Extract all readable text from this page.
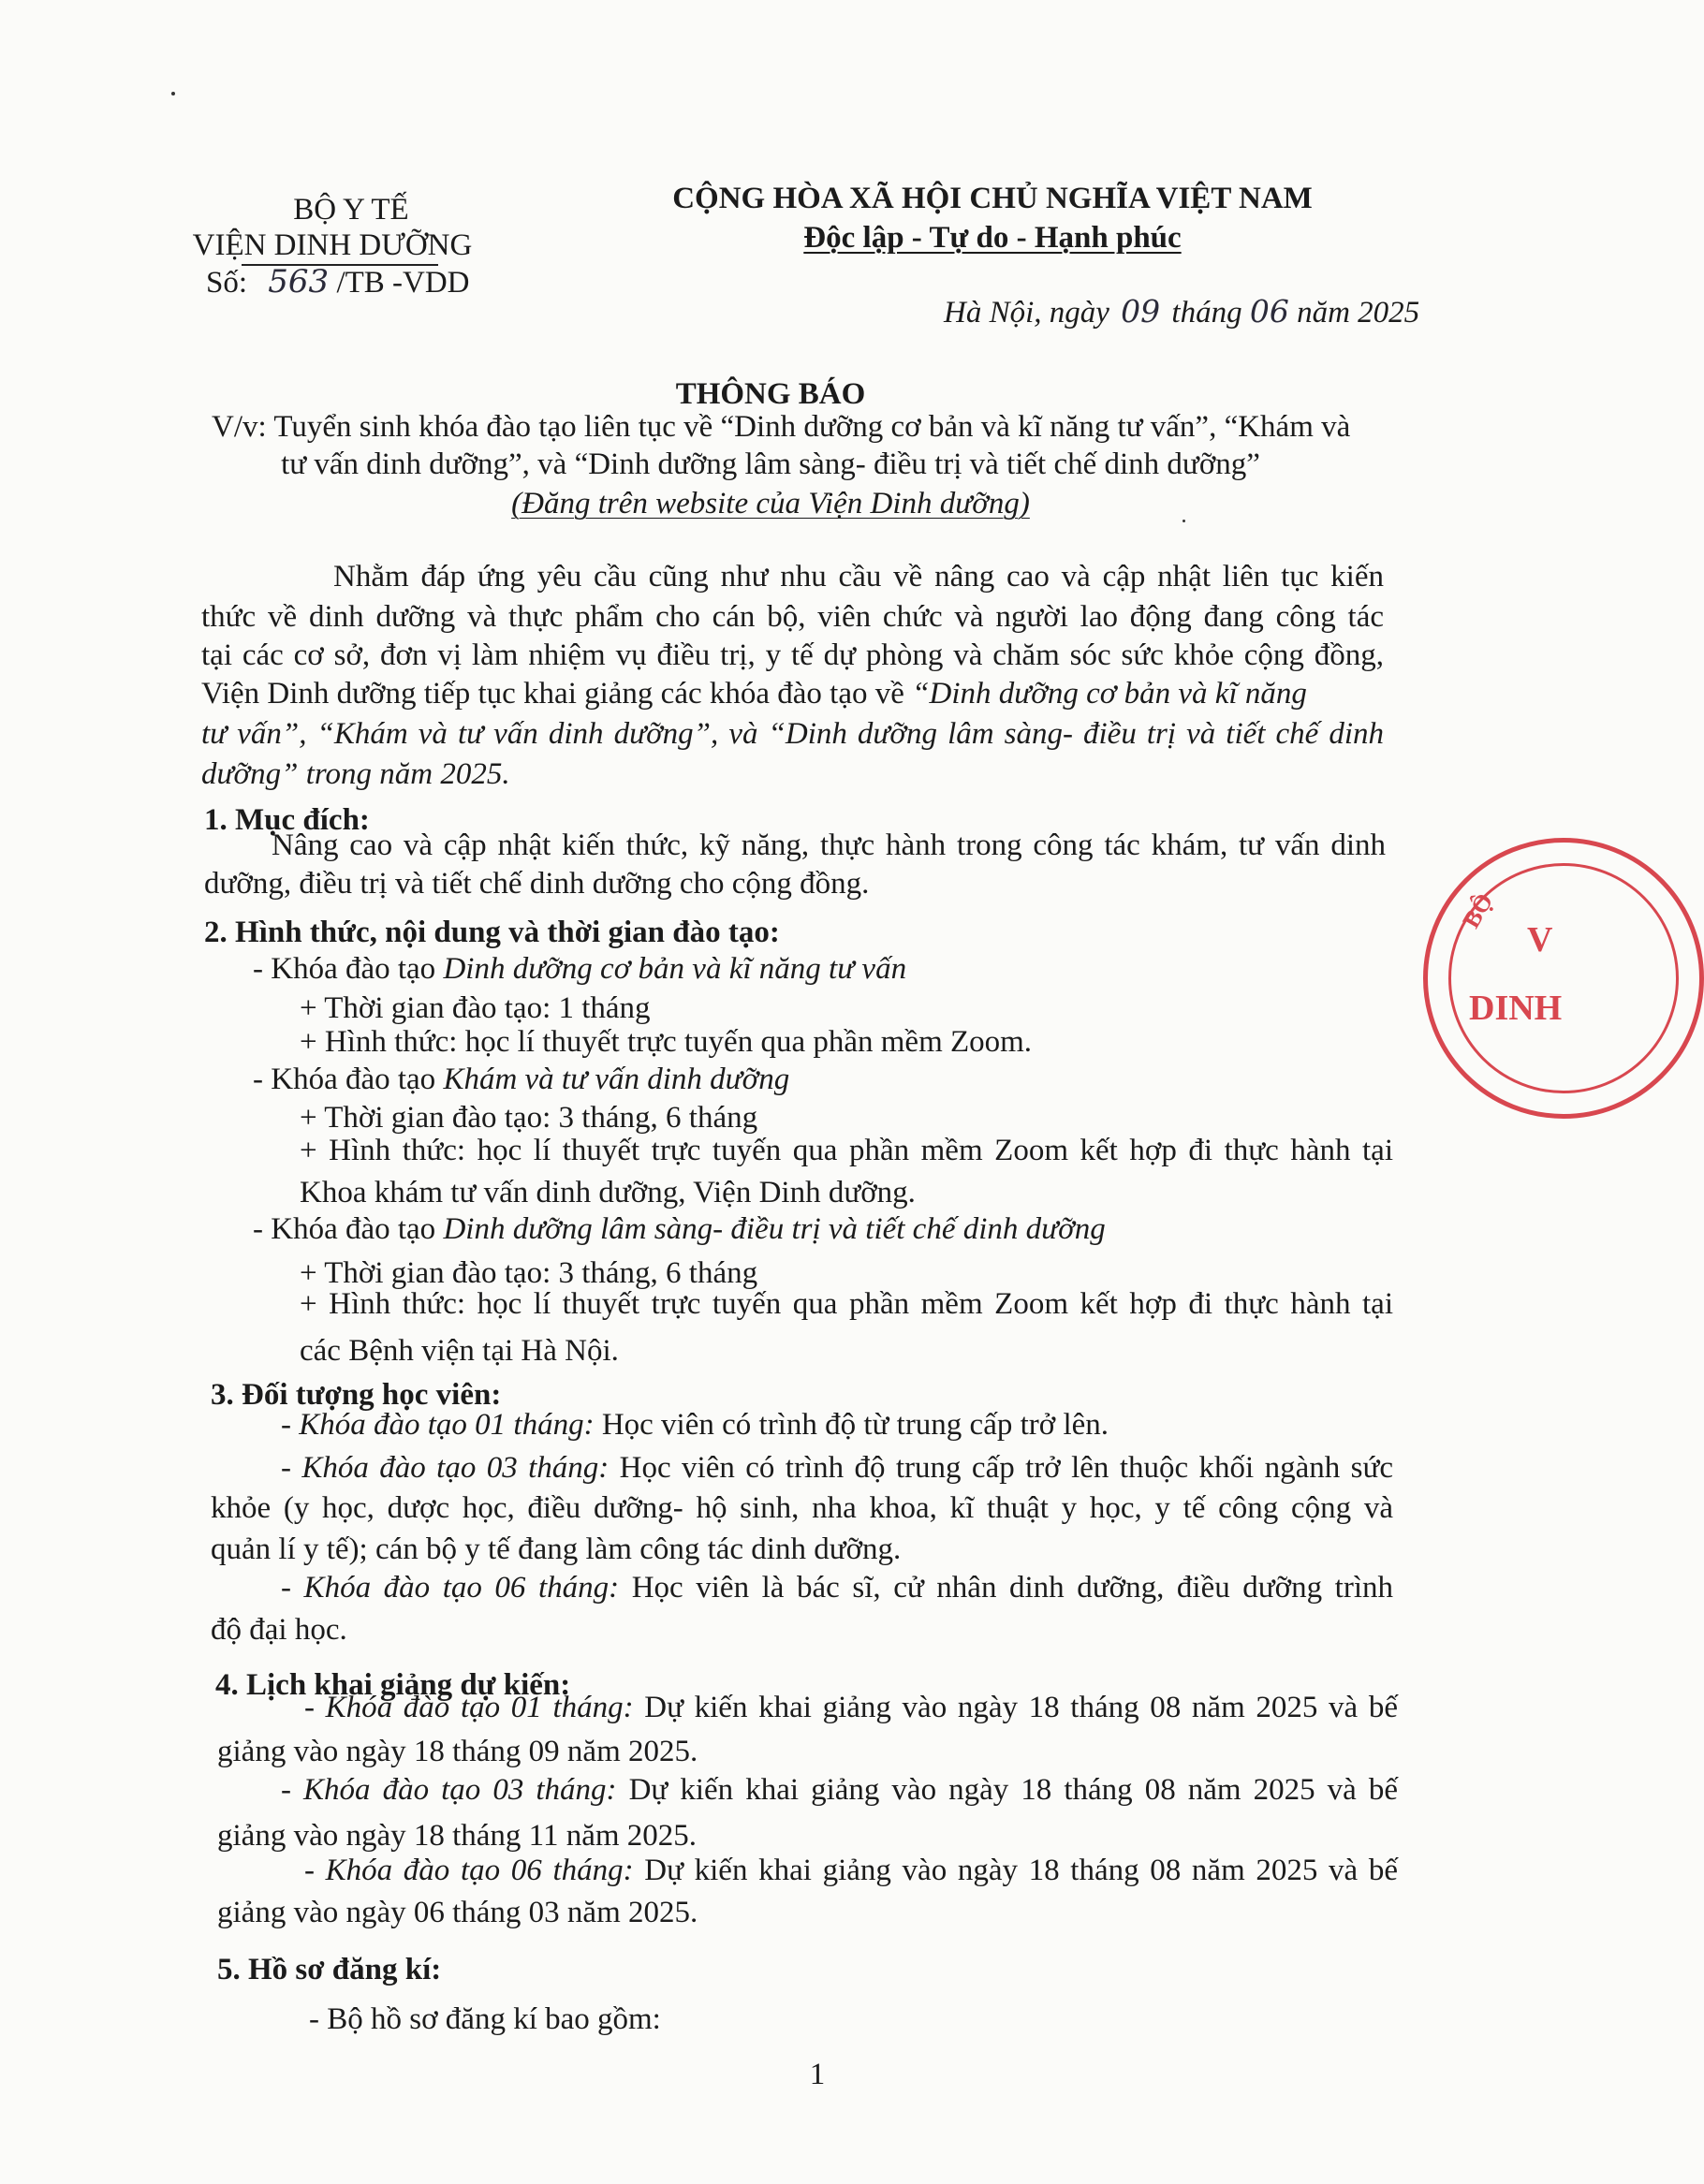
BỘ Y TẾ
VIỆN DINH DƯỠNG
Số: 563 /TB -VDD
CỘNG HÒA XÃ HỘI CHỦ NGHĨA VIỆT NAM
Độc lập - Tự do - Hạnh phúc
Hà Nội, ngày 09 tháng 06 năm 2025
THÔNG BÁO
V/v: Tuyển sinh khóa đào tạo liên tục về “Dinh dưỡng cơ bản và kĩ năng tư vấn”, “Khám và
tư vấn dinh dưỡng”, và “Dinh dưỡng lâm sàng- điều trị và tiết chế dinh dưỡng”
(Đăng trên website của Viện Dinh dưỡng)
Nhằm đáp ứng yêu cầu cũng như nhu cầu về nâng cao và cập nhật liên tục kiến
thức về dinh dưỡng và thực phẩm cho cán bộ, viên chức và người lao động đang công tác
tại các cơ sở, đơn vị làm nhiệm vụ điều trị, y tế dự phòng và chăm sóc sức khỏe cộng đồng,
Viện Dinh dưỡng tiếp tục khai giảng các khóa đào tạo về “Dinh dưỡng cơ bản và kĩ năng
tư vấn”, “Khám và tư vấn dinh dưỡng”, và “Dinh dưỡng lâm sàng- điều trị và tiết chế dinh
dưỡng” trong năm 2025.
1. Mục đích:
Nâng cao và cập nhật kiến thức, kỹ năng, thực hành trong công tác khám, tư vấn dinh
dưỡng, điều trị và tiết chế dinh dưỡng cho cộng đồng.
2. Hình thức, nội dung và thời gian đào tạo:
- Khóa đào tạo Dinh dưỡng cơ bản và kĩ năng tư vấn
+ Thời gian đào tạo: 1 tháng
+ Hình thức: học lí thuyết trực tuyến qua phần mềm Zoom.
- Khóa đào tạo Khám và tư vấn dinh dưỡng
+ Thời gian đào tạo: 3 tháng, 6 tháng
+ Hình thức: học lí thuyết trực tuyến qua phần mềm Zoom kết hợp đi thực hành tại
Khoa khám tư vấn dinh dưỡng, Viện Dinh dưỡng.
- Khóa đào tạo Dinh dưỡng lâm sàng- điều trị và tiết chế dinh dưỡng
+ Thời gian đào tạo: 3 tháng, 6 tháng
+ Hình thức: học lí thuyết trực tuyến qua phần mềm Zoom kết hợp đi thực hành tại
các Bệnh viện tại Hà Nội.
3. Đối tượng học viên:
- Khóa đào tạo 01 tháng: Học viên có trình độ từ trung cấp trở lên.
- Khóa đào tạo 03 tháng: Học viên có trình độ trung cấp trở lên thuộc khối ngành sức
khỏe (y học, dược học, điều dưỡng- hộ sinh, nha khoa, kĩ thuật y học, y tế công cộng và
quản lí y tế); cán bộ y tế đang làm công tác dinh dưỡng.
- Khóa đào tạo 06 tháng: Học viên là bác sĩ, cử nhân dinh dưỡng, điều dưỡng trình
độ đại học.
4. Lịch khai giảng dự kiến:
- Khóa đào tạo 01 tháng: Dự kiến khai giảng vào ngày 18 tháng 08 năm 2025 và bế
giảng vào ngày 18 tháng 09 năm 2025.
- Khóa đào tạo 03 tháng: Dự kiến khai giảng vào ngày 18 tháng 08 năm 2025 và bế
giảng vào ngày 18 tháng 11 năm 2025.
- Khóa đào tạo 06 tháng: Dự kiến khai giảng vào ngày 18 tháng 08 năm 2025 và bế
giảng vào ngày 06 tháng 03 năm 2025.
5. Hồ sơ đăng kí:
- Bộ hồ sơ đăng kí bao gồm:
1
BỘ
V
DINH
